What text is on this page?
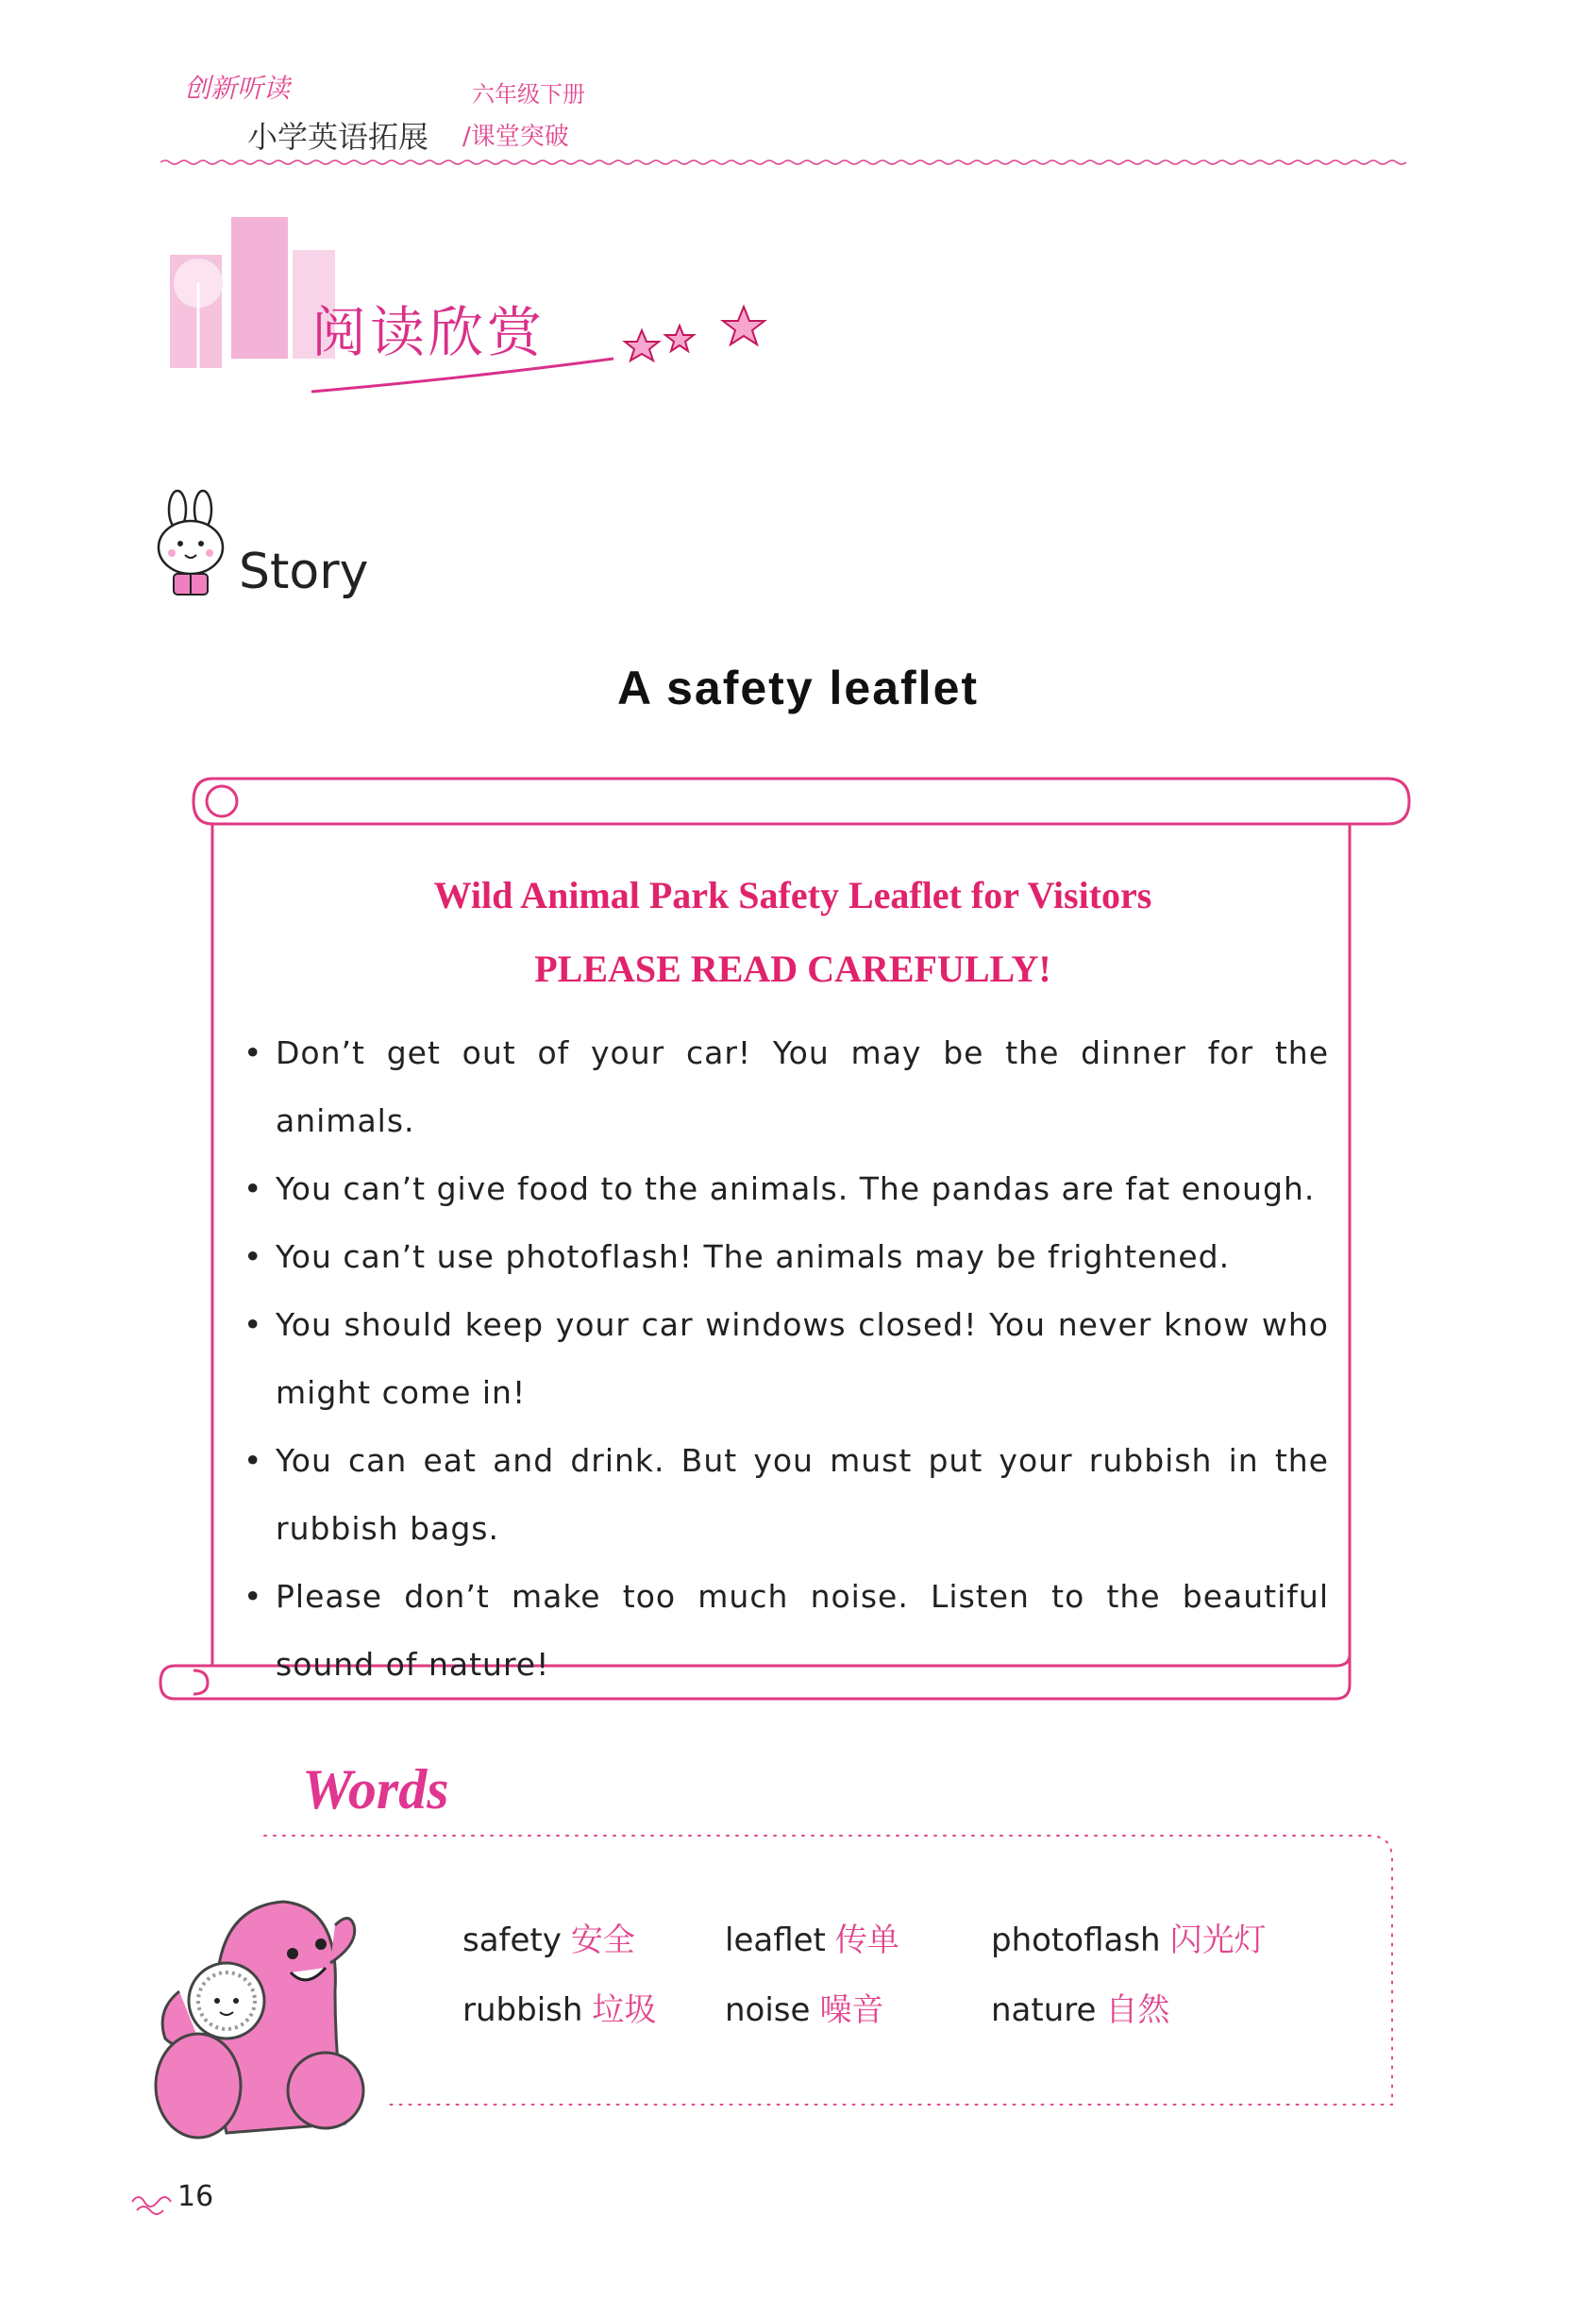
创新听读	六年级下册
小学英语拓展 /课堂突破
阅读欣赏
Story
A safety leaflet
Wild Animal Park Safety Leaflet for Visitors
PLEASE READ CAREFULLY!
• Don’t get out of your car! You may be the dinner for the animals.
• You can’t give food to the animals. The pandas are fat enough.
• You can’t use photoflash! The animals may be frightened.
• You should keep your car windows closed! You never know who might come in!
• You can eat and drink. But you must put your rubbish in the rubbish bags.
• Please don’t make too much noise. Listen to the beautiful sound of nature!
Words
safety 安全	leaflet 传单	photoflash 闪光灯
rubbish 垃圾 noise 噪音	nature 自然
16
